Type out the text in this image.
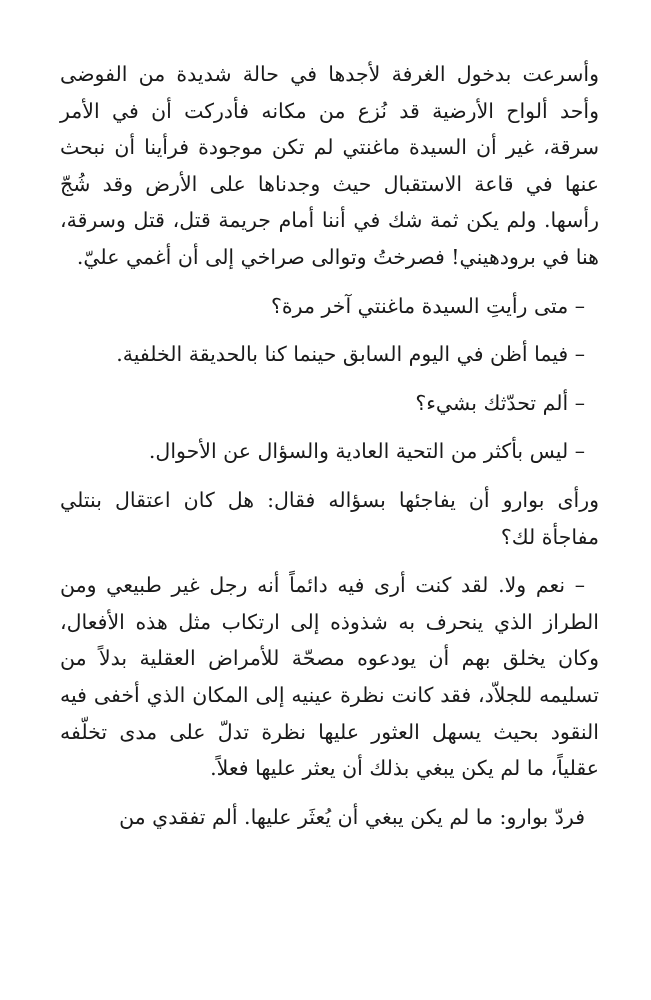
وأسرعت بدخول الغرفة لأجدها في حالة شديدة من الفوضى وأحد ألواح الأرضية قد نُزع من مكانه فأدركت أن في الأمر سرقة، غير أن السيدة ماغنتي لم تكن موجودة فرأينا أن نبحث عنها في قاعة الاستقبال حيث وجدناها على الأرض وقد شُجّ رأسها. ولم يكن ثمة شك في أننا أمام جريمة قتل، قتل وسرقة، هنا في برودهيني! فصرختُ وتوالى صراخي إلى أن أغمي عليّ.

– متى رأيتِ السيدة ماغنتي آخر مرة؟

– فيما أظن في اليوم السابق حينما كنا بالحديقة الخلفية.

– ألم تحدّثك بشيء؟

– ليس بأكثر من التحية العادية والسؤال عن الأحوال.

ورأى بوارو أن يفاجئها بسؤاله فقال: هل كان اعتقال بنتلي مفاجأة لك؟

– نعم ولا. لقد كنت أرى فيه دائماً أنه رجل غير طبيعي ومن الطراز الذي ينحرف به شذوذه إلى ارتكاب مثل هذه الأفعال، وكان يخلق بهم أن يودعوه مصحّة للأمراض العقلية بدلاً من تسليمه للجلاّد، فقد كانت نظرة عينيه إلى المكان الذي أخفى فيه النقود بحيث يسهل العثور عليها نظرة تدلّ على مدى تخلّفه عقلياً، ما لم يكن يبغي بذلك أن يعثر عليها فعلاً.

فردّ بوارو: ما لم يكن يبغي أن يُعثَر عليها. ألم تفقدي من
